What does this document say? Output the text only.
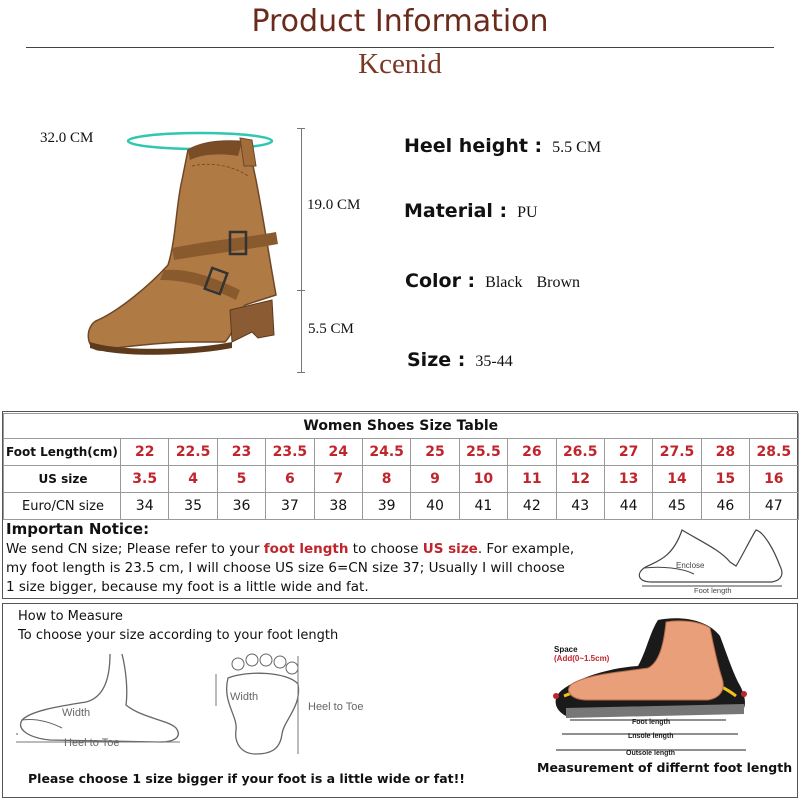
Product Information
Kcenid
32.0 CM
19.0 CM
5.5 CM
Heel height : 5.5 CM
Material : PU
Color : Black Brown
Size : 35-44
Women Shoes Size Table														
Foot Length(cm)	22	22.5	23	23.5	24	24.5	25	25.5	26	26.5	27	27.5	28	28.5
US size	3.5	4	5	6	7	8	9	10	11	12	13	14	15	16
Euro/CN size	34	35	36	37	38	39	40	41	42	43	44	45	46	47
Importan Notice:
We send CN size; Please refer to your foot length to choose US size. For example,
my foot length is 23.5 cm, I will choose US size 6=CN size 37; Usually I will choose
1 size bigger, because my foot is a little wide and fat.
Enclose
Foot length
How to Measure
To choose your size according to your foot length
Width
Heel to Toe
Width
Heel to Toe
Space
(Add(0~1.5cm)
Foot length
Lnsole length
Outsole length
Measurement of differnt foot length
Please choose 1 size bigger if your foot is a little wide or fat!!
